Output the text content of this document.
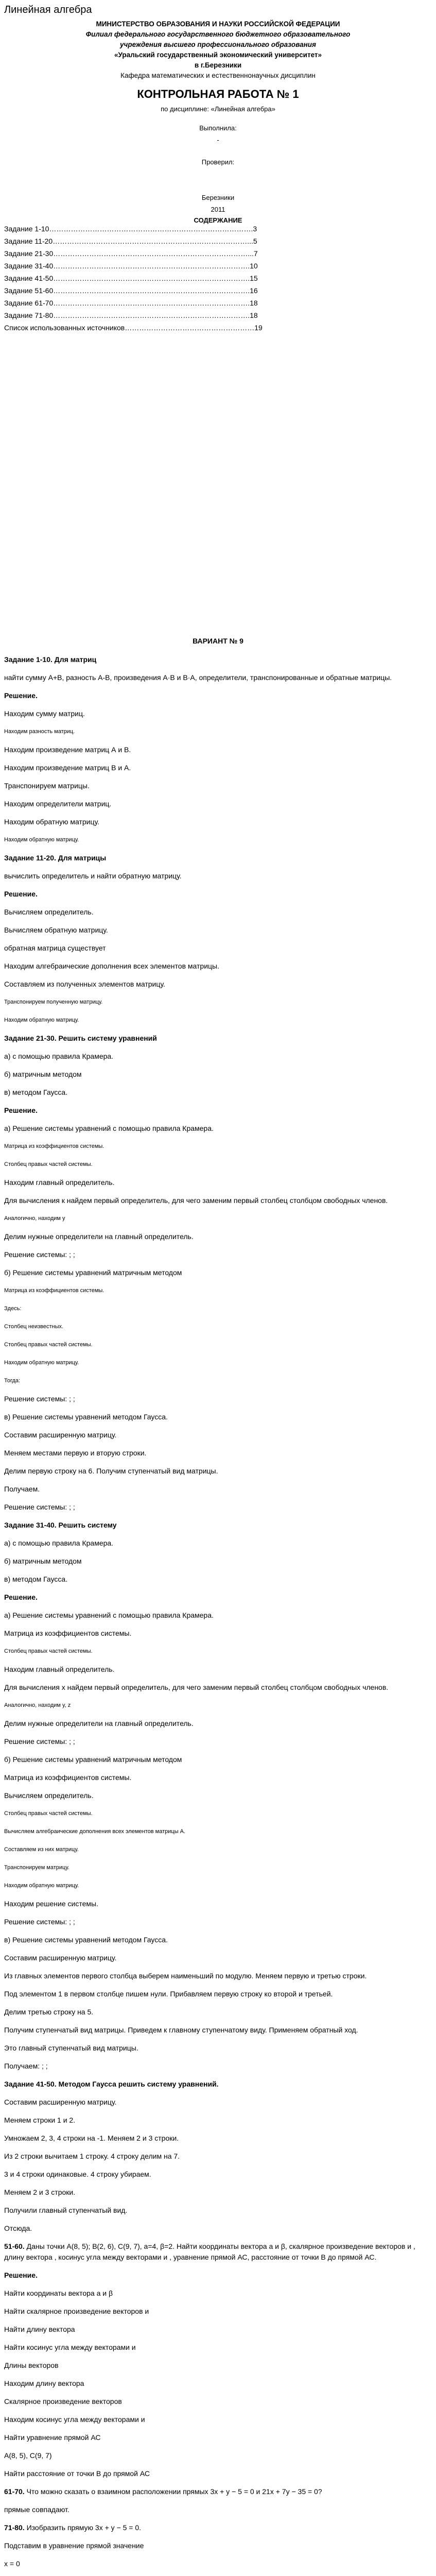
Линейная алгебра

МИНИСТЕРСТВО ОБРАЗОВАНИЯ И НАУКИ РОССИЙСКОЙ ФЕДЕРАЦИИ

Филиал федерального государственного бюджетного образовательного

учреждения высшего профессионального образования

«Уральский государственный экономический университет»

в г.Березники

Кафедра математических и естественнонаучных дисциплин

КОНТРОЛЬНАЯ РАБОТА № 1
по дисциплине: «Линейная алгебра»
Выполнила:
-
Проверил:
Березники
2011
СОДЕРЖАНИЕ
Задание 1-10………………………………………………………………………….3
Задание 11-20………………………………………………………………………...5
Задание 21-30………………………………………………………………………...7
Задание 31-40……………………………………………………………………….10
Задание 41-50……………………………………………………………………….15
Задание 51-60……………………………………………………………………….16
Задание 61-70……………………………………………………………………….18
Задание 71-80……………………………………………………………………….18
Список использованных источников………………………………………………19
ВАРИАНТ № 9

Задание 1-10. Для матриц

найти сумму А+В, разность А-В, произведения А·В и В·А, определители, транспонированные и обратные матрицы.

Решение.

Находим сумму матриц.

Находим разность матриц.

Находим произведение матриц А и В.

Находим произведение матриц В и А.

Транспонируем матрицы.

Находим определители матриц.

Находим обратную матрицу.

Находим обратную матрицу.

Задание 11-20. Для матрицы

вычислить определитель и найти обратную матрицу.

Решение.

Вычисляем определитель.

Вычисляем обратную матрицу.

обратная матрица существует

Находим алгебраические дополнения всех элементов матрицы.

Составляем из полученных элементов матрицу.

Транспонируем полученную матрицу.

Находим обратную матрицу.

Задание 21-30. Решить систему уравнений

а) с помощью правила Крамера.

б) матричным методом

в) методом Гаусса.

Решение.

а) Решение системы уравнений с помощью правила Крамера.

Матрица из коэффициентов системы.

Столбец правых частей системы.

Находим главный определитель.

Для вычисления к найдем первый определитель, для чего заменим первый столбец столбцом свободных членов.

Аналогично, находим у

Делим нужные определители на главный определитель.

Решение системы: ; ;

б) Решение системы уравнений матричным методом

Матрица из коэффициентов системы.

Здесь:

Столбец неизвестных.

Столбец правых частей системы.

Находим обратную матрицу.

Тогда:

Решение системы: ; ;

в) Решение системы уравнений методом Гаусса.

Составим расширенную матрицу.

Меняем местами первую и вторую строки.

Делим первую строку на 6. Получим ступенчатый вид матрицы.

Получаем.

Решение системы: ; ;

Задание 31-40. Решить систему

а) с помощью правила Крамера.

б) матричным методом

в) методом Гаусса.

Решение.

а) Решение системы уравнений с помощью правила Крамера.

Матрица из коэффициентов системы.

Столбец правых частей системы.

Находим главный определитель.

Для вычисления x найдем первый определитель, для чего заменим первый столбец столбцом свободных членов.

Аналогично, находим y, z

Делим нужные определители на главный определитель.

Решение системы: ; ;

б) Решение системы уравнений матричным методом

Матрица из коэффициентов системы.

Вычисляем определитель.

Столбец правых частей системы.

Вычисляем алгебраические дополнения всех элементов матрицы А.

Составляем из них матрицу.

Транспонируем матрицу.

Находим обратную матрицу.

Находим решение системы.

Решение системы: ; ;

в) Решение системы уравнений методом Гаусса.

Составим расширенную матрицу.

Из главных элементов первого столбца выберем наименьший по модулю. Меняем первую и третью строки.

Под элементом 1 в первом столбце пишем нули. Прибавляем первую строку ко второй и третьей.

Делим третью строку на 5.

Получим ступенчатый вид матрицы. Приведем к главному ступенчатому виду. Применяем обратный ход.

Это главный ступенчатый вид матрицы.

Получаем: ; ;

Задание 41-50. Методом Гаусса решить систему уравнений.

Составим расширенную матрицу.

Меняем строки 1 и 2.

Умножаем 2, 3, 4 строки на -1. Меняем 2 и 3 строки.

Из 2 строки вычитаем 1 строку. 4 строку делим на 7.

3 и 4 строки одинаковые. 4 строку убираем.

Меняем 2 и 3 строки.

Получили главный ступенчатый вид.

Отсюда.

51-60. Даны точки А(8, 5); В(2, 6), С(9, 7), а=4, β=2. Найти координаты вектора а и β, скалярное произведение векторов и , длину вектора , косинус угла между векторами и , уравнение прямой АС, расстояние от точки В до прямой АС.

Решение.

Найти координаты вектора а и β

Найти скалярное произведение векторов и

Найти длину вектора

Найти косинус угла между векторами и

Длины векторов

Находим длину вектора

Скалярное произведение векторов

Находим косинус угла между векторами и

Найти уравнение прямой АС

A(8, 5), C(9, 7)

Найти расстояние от точки В до прямой АС

61-70. Что можно сказать о взаимном расположении прямых 3x + y − 5 = 0 и 21x + 7y − 35 = 0?

прямые совпадают.

71-80. Изобразить прямую 3x + y − 5 = 0.

Подставим в уравнение прямой значение

x = 0
